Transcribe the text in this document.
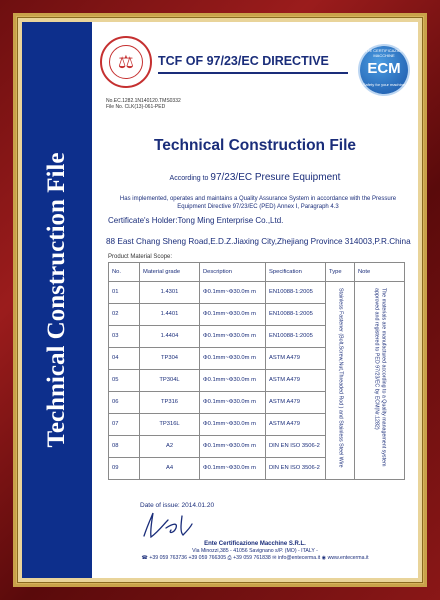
Technical Construction File
⚖	TCF OF 97/23/EC DIRECTIVE
ENTE CERTIFICAZIONE MACCHINE
ECM
Safety for your machine
No.EC.1282.1N140120.TMS0332
File No. CLK(13)-061-PED
Technical Construction File
According to 97/23/EC Presure Equipment
Has implemented, operates and maintains a Quality Assurance System in accordance with the Pressure Equipment Directive 97/23/EC (PED) Annex Ⅰ, Paragraph 4.3
Certificate's Holder:Tong Ming Enterprise Co.,Ltd.
88 East Chang Sheng Road,E.D.Z.Jiaxing City,Zhejiang Province 314003,P.R.China
Product Material Scope:
No.	Material grade	Description	Specification	Type	Note
01	1.4301	Φ0.1mm~Φ30.0m m	EN10088-1:2005	Stainless Fastener (Bolt,Screw,Nut,Threaded Rod ) and Stainless Steel Wire	The materials are manufactured according to a Quality management system approved and registered to PED 97/23/EC by ECM(Nr.1282)

02	1.4401	Φ0.1mm~Φ30.0m m	EN10088-1:2005		
03	1.4404	Φ0.1mm~Φ30.0m m	EN10088-1:2005		
04	TP304	Φ0.1mm~Φ30.0m m	ASTM A479		
05	TP304L	Φ0.1mm~Φ30.0m m	ASTM A479		
06	TP316	Φ0.1mm~Φ30.0m m	ASTM A479		
07	TP316L	Φ0.1mm~Φ30.0m m	ASTM A479		
08	A2	Φ0.1mm~Φ30.0m m	DIN EN ISO 3506-2		
09	A4	Φ0.1mm~Φ30.0m m	DIN EN ISO 3506-2		
Date of issue: 2014.01.20
Ente Certificazione Macchine S.R.L.
Via Minozzi,385 - 41056 Savignano s/P. (MO) - ITALY -
☎ +39 059 763736 +39 059 766305 ⎙ +39 059 761838 ✉ info@entecerma.it ◉ www.entecerma.it
